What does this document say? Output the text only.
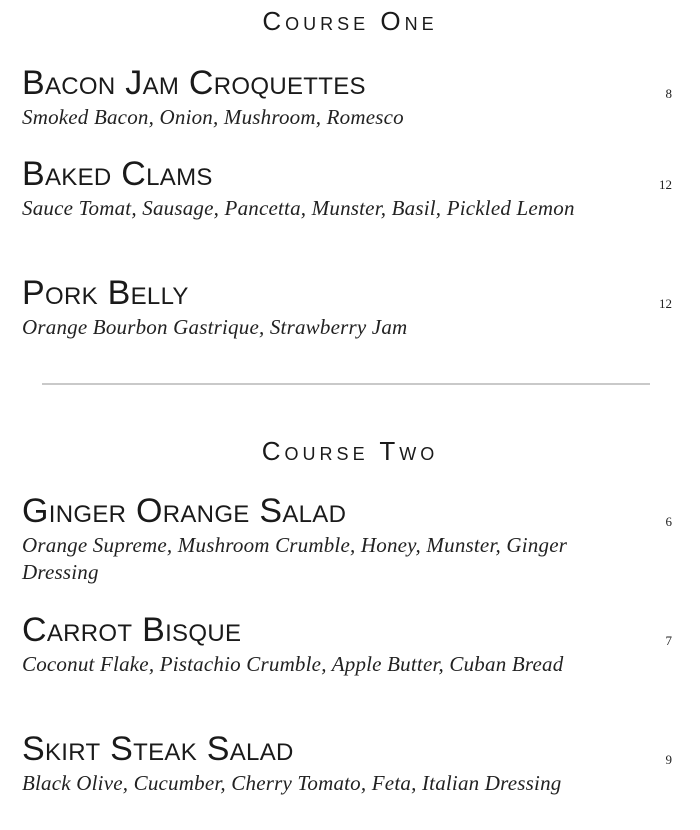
Course One
Bacon Jam Croquettes
Smoked Bacon, Onion, Mushroom, Romesco
8
Baked Clams
Sauce Tomat, Sausage, Pancetta, Munster, Basil, Pickled Lemon
12
Pork Belly
Orange Bourbon Gastrique, Strawberry Jam
12
Course Two
Ginger Orange Salad
Orange Supreme, Mushroom Crumble, Honey, Munster, Ginger Dressing
6
Carrot Bisque
Coconut Flake, Pistachio Crumble, Apple Butter, Cuban Bread
7
Skirt Steak Salad
Black Olive, Cucumber, Cherry Tomato, Feta, Italian Dressing
9
